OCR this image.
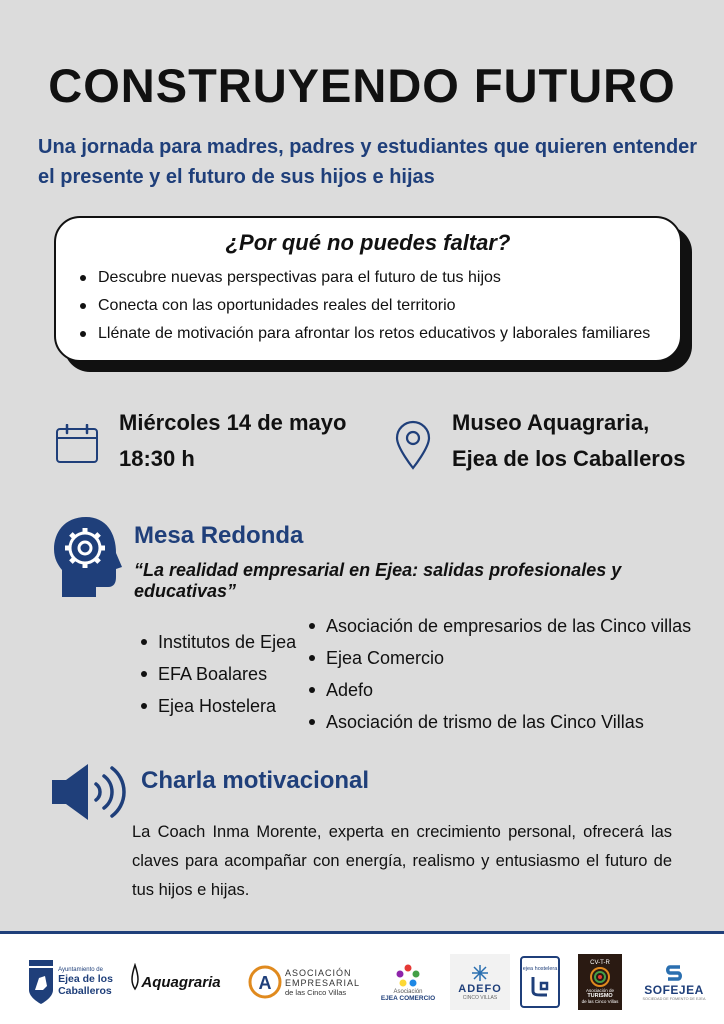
CONSTRUYENDO FUTURO

Una jornada para madres, padres y estudiantes que quieren entender el presente y el futuro de sus hijos e hijas

¿Por qué no puedes faltar?
Descubre nuevas perspectivas para el futuro de tus hijos
Conecta con las oportunidades reales del territorio
Llénate de motivación para afrontar los retos educativos y laborales familiares
Miércoles 14 de mayo
18:30 h
Museo Aquagraria,
Ejea de los Caballeros
Mesa Redonda

“La realidad empresarial en Ejea: salidas profesionales y educativas”

Institutos de Ejea
EFA Boalares
Ejea Hostelera
Asociación de empresarios de las Cinco villas
Ejea Comercio
Adefo
Asociación de trismo de las Cinco Villas
Charla motivacional

La Coach Inma Morente, experta en crecimiento personal, ofrecerá las claves para acompañar con energía, realismo y entusiasmo el futuro de tus hijos e hijas.

Ayuntamiento de
Ejea de los
Caballeros
Aquagraria A
ASOCIACIÓN
EMPRESARIAL
de las Cinco Villas	Asociación
EJEA COMERCIO
ADEFO
CINCO VILLAS
ejea hostelera
CV-T-R
Asociación de
TURISMO
de las Cinco Villas
SOFEJEA
SOCIEDAD DE FOMENTO DE EJEA
